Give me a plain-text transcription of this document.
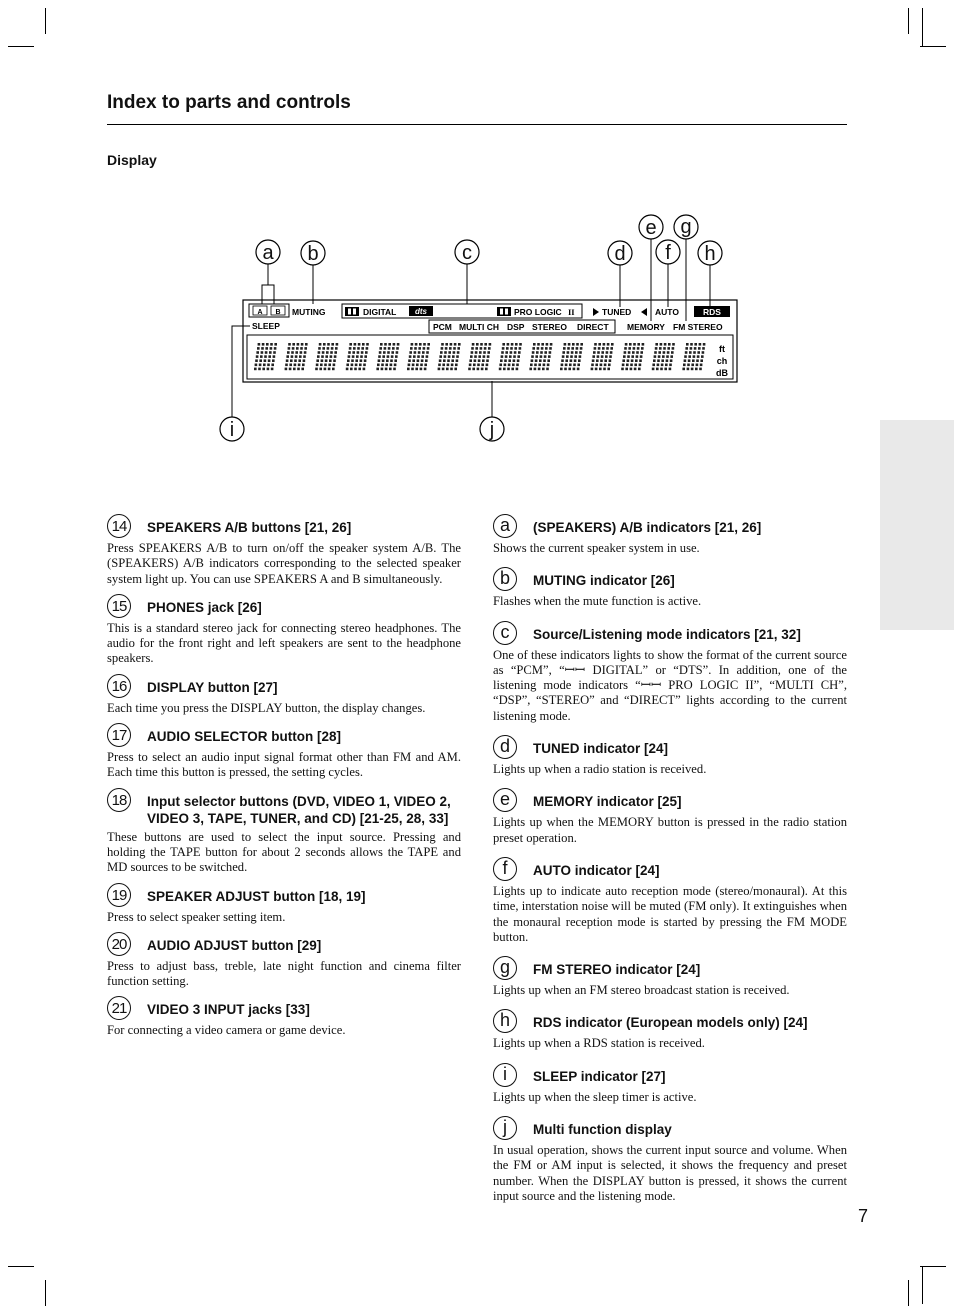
Index to parts and controls
Display
A B MUTING	DIGITAL dts	PRO LOGIC II	TUNED	AUTO	RDS
SLEEP	PCM MULTI CH DSP STEREO DIRECT MEMORY FM STEREO
ft
ch
dB
a b	c	d
e
f
g
h
i	j
14	SPEAKERS A/B buttons [21, 26]
Press SPEAKERS A/B to turn on/off the speaker system A/B. The (SPEAKERS) A/B indicators corresponding to the selected speaker system light up. You can use SPEAKERS A and B simultaneously.
15	PHONES jack [26]
This is a standard stereo jack for connecting stereo headphones. The audio for the front right and left speakers are sent to the headphone speakers.
16	DISPLAY button [27]
Each time you press the DISPLAY button, the display changes.
17	AUDIO SELECTOR button [28]
Press to select an audio input signal format other than FM and AM. Each time this button is pressed, the setting cycles.
18	Input selector buttons (DVD, VIDEO 1, VIDEO 2, VIDEO 3, TAPE, TUNER, and CD) [21-25, 28, 33]
These buttons are used to select the input source. Pressing and holding the TAPE button for about 2 seconds allows the TAPE and MD sources to be switched.
19	SPEAKER ADJUST button [18, 19]
Press to select speaker setting item.
20	AUDIO ADJUST button [29]
Press to adjust bass, treble, late night function and cinema filter function setting.
21	VIDEO 3 INPUT jacks [33]
For connecting a video camera or game device.
a	(SPEAKERS) A/B indicators [21, 26]
Shows the current speaker system in use.
b	MUTING indicator [26]
Flashes when the mute function is active.
c	Source/Listening mode indicators [21, 32]
One of these indicators lights to show the format of the current source as “PCM”, “ꟷꟷ DIGITAL” or “DTS”. In addition, one of the listening mode indicators “ꟷꟷ PRO LOGIC II”, “MULTI CH”, “DSP”, “STEREO” and “DIRECT” lights according to the current listening mode.
d	TUNED indicator [24]
Lights up when a radio station is received.
e	MEMORY indicator [25]
Lights up when the MEMORY button is pressed in the radio station preset operation.
f	AUTO indicator [24]
Lights up to indicate auto reception mode (stereo/monaural). At this time, interstation noise will be muted (FM only). It extinguishes when the monaural reception mode is started by pressing the FM MODE button.
g	FM STEREO indicator [24]
Lights up when an FM stereo broadcast station is received.
h	RDS indicator (European models only) [24]
Lights up when a RDS station is received.
i	SLEEP indicator [27]
Lights up when the sleep timer is active.
j	Multi function display
In usual operation, shows the current input source and volume. When the FM or AM input is selected, it shows the frequency and preset number. When the DISPLAY button is pressed, it shows the current input source and the listening mode.
7
